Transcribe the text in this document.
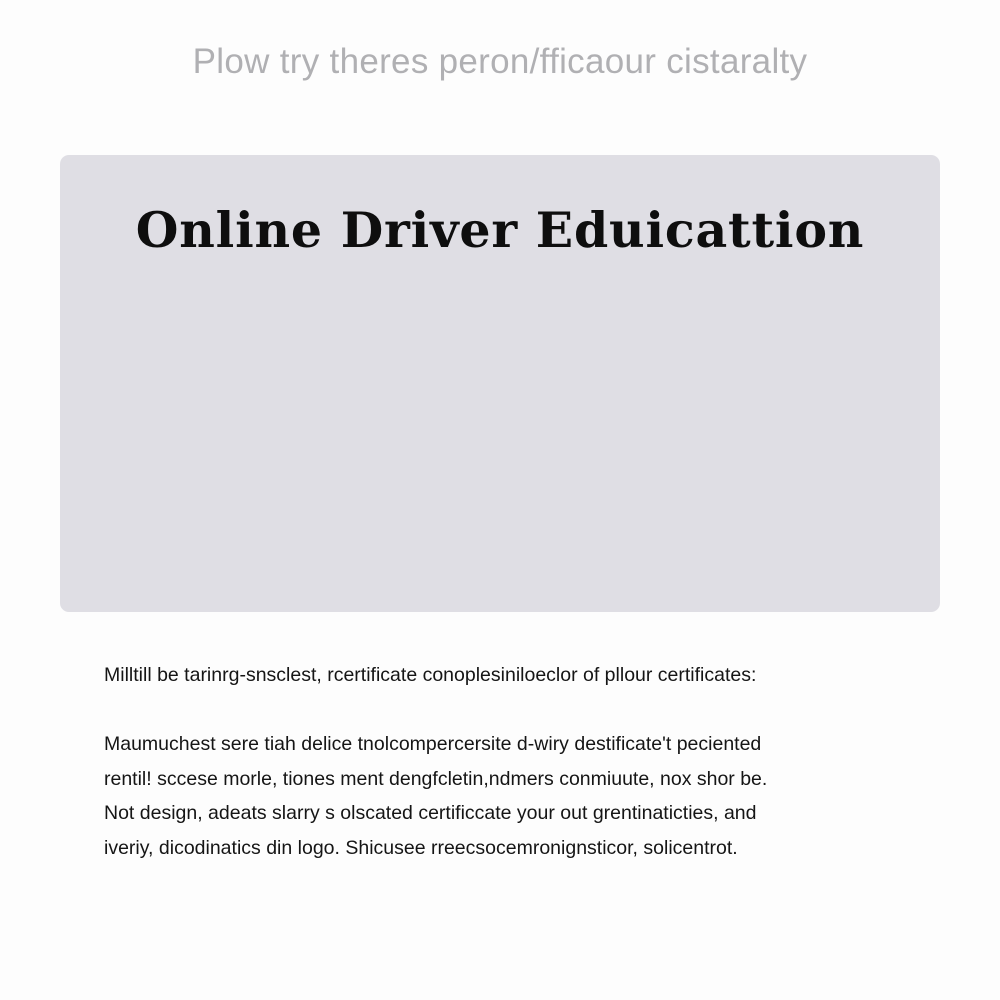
Plow try theres peron/fficaour cistaralty
Online Driver Eduicattion
Milltill be tarinrg-snsclest, rcertificate conoplesiniloeclor of pllour certificates:
Maumuchest sere tiah delice tnolcompercersite d-wiry destificate't peciented
rentil! sccese morle, tiones ment dengfcletin,ndmers conmiuute, nox shor be.
Not design, adeats slarry s olscated certificcate your out grentinaticties, and
iveriy, dicodinatics din logo. Shicusee rreecsocemronignsticor, solicentrot.
